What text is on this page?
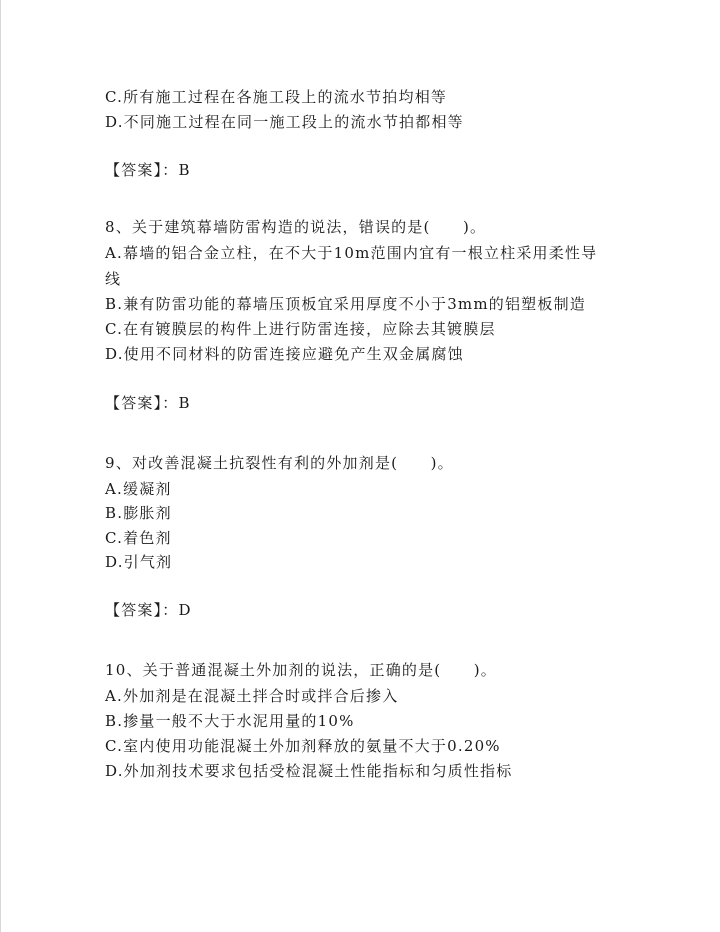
C.所有施工过程在各施工段上的流水节拍均相等
D.不同施工过程在同一施工段上的流水节拍都相等
【答案】：B
8、关于建筑幕墙防雷构造的说法，错误的是(　　)。
A.幕墙的铝合金立柱，在不大于10m范围内宜有一根立柱采用柔性导
线
B.兼有防雷功能的幕墙压顶板宜采用厚度不小于3mm的铝塑板制造
C.在有镀膜层的构件上进行防雷连接，应除去其镀膜层
D.使用不同材料的防雷连接应避免产生双金属腐蚀
【答案】：B
9、对改善混凝土抗裂性有利的外加剂是(　　)。
A.缓凝剂
B.膨胀剂
C.着色剂
D.引气剂
【答案】：D
10、关于普通混凝土外加剂的说法，正确的是(　　)。
A.外加剂是在混凝土拌合时或拌合后掺入
B.掺量一般不大于水泥用量的10%
C.室内使用功能混凝土外加剂释放的氨量不大于0.20%
D.外加剂技术要求包括受检混凝土性能指标和匀质性指标
